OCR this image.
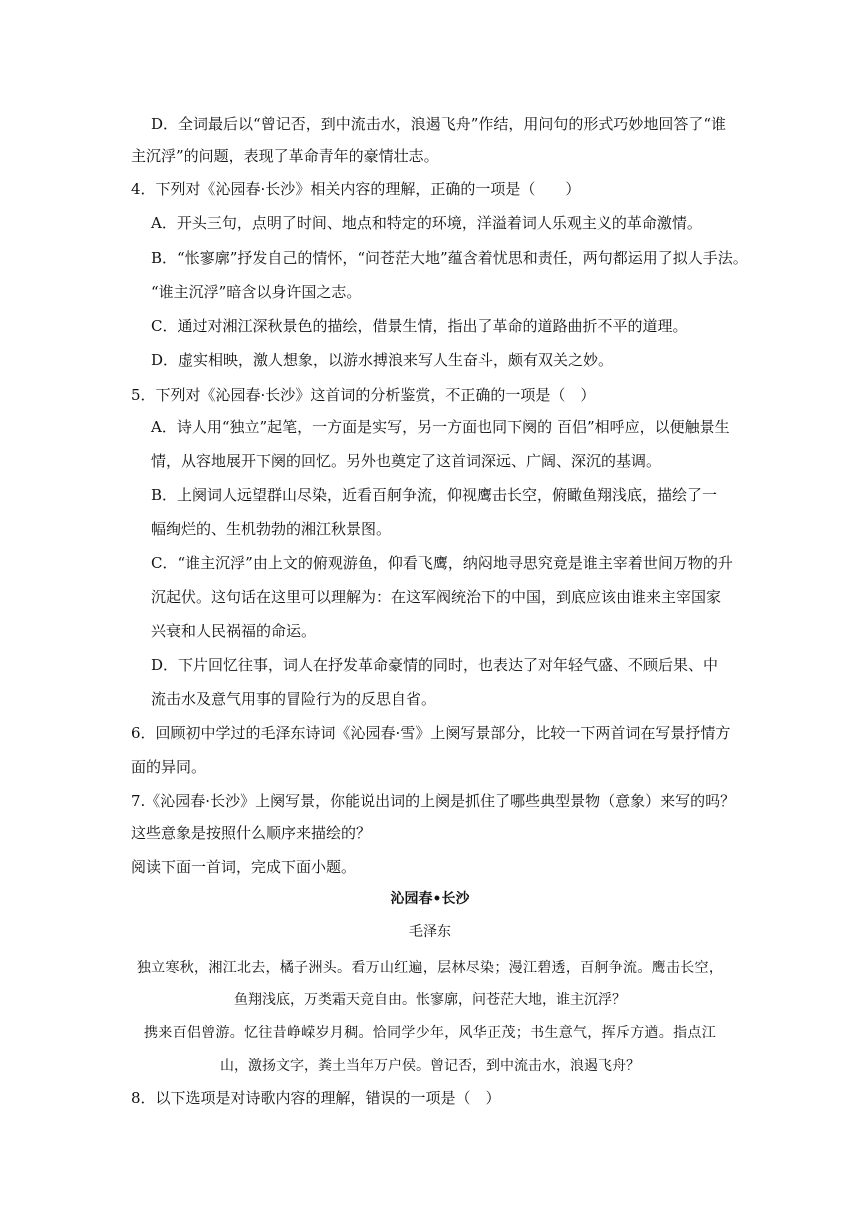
D．全词最后以“曾记否，到中流击水，浪遏飞舟”作结，用问句的形式巧妙地回答了“谁
主沉浮”的问题，表现了革命青年的豪情壮志。
4．下列对《沁园春·长沙》相关内容的理解，正确的一项是（　　）
A．开头三句，点明了时间、地点和特定的环境，洋溢着词人乐观主义的革命激情。
B．“怅寥廓”抒发自己的情怀，“问苍茫大地”蕴含着忧思和责任，两句都运用了拟人手法。
“谁主沉浮”暗含以身许国之志。
C．通过对湘江深秋景色的描绘，借景生情，指出了革命的道路曲折不平的道理。
D．虚实相映，激人想象，以游水搏浪来写人生奋斗，颇有双关之妙。
5．下列对《沁园春·长沙》这首词的分析鉴赏，不正确的一项是（　）
A．诗人用“独立”起笔，一方面是实写，另一方面也同下阕的 百侣”相呼应，以便触景生
情，从容地展开下阕的回忆。另外也奠定了这首词深远、广阔、深沉的基调。
B．上阕词人远望群山尽染，近看百舸争流，仰视鹰击长空，俯瞰鱼翔浅底，描绘了一
幅绚烂的、生机勃勃的湘江秋景图。
C．“谁主沉浮”由上文的俯观游鱼，仰看飞鹰，纳闷地寻思究竟是谁主宰着世间万物的升
沉起伏。这句话在这里可以理解为：在这军阀统治下的中国，到底应该由谁来主宰国家
兴衰和人民祸福的命运。
D．下片回忆往事，词人在抒发革命豪情的同时，也表达了对年轻气盛、不顾后果、中
流击水及意气用事的冒险行为的反思自省。
6．回顾初中学过的毛泽东诗词《沁园春·雪》上阕写景部分，比较一下两首词在写景抒情方
面的异同。
7.《沁园春·长沙》上阕写景，你能说出词的上阕是抓住了哪些典型景物（意象）来写的吗？
这些意象是按照什么顺序来描绘的？
阅读下面一首词，完成下面小题。
沁园春•长沙
毛泽东
独立寒秋，湘江北去，橘子洲头。看万山红遍，层林尽染；漫江碧透，百舸争流。鹰击长空，
鱼翔浅底，万类霜天竞自由。怅寥廓，问苍茫大地，谁主沉浮？
携来百侣曾游。忆往昔峥嵘岁月稠。恰同学少年，风华正茂；书生意气，挥斥方遒。指点江
山，激扬文字，粪土当年万户侯。曾记否，到中流击水，浪遏飞舟？
8．以下选项是对诗歌内容的理解，错误的一项是（　）
